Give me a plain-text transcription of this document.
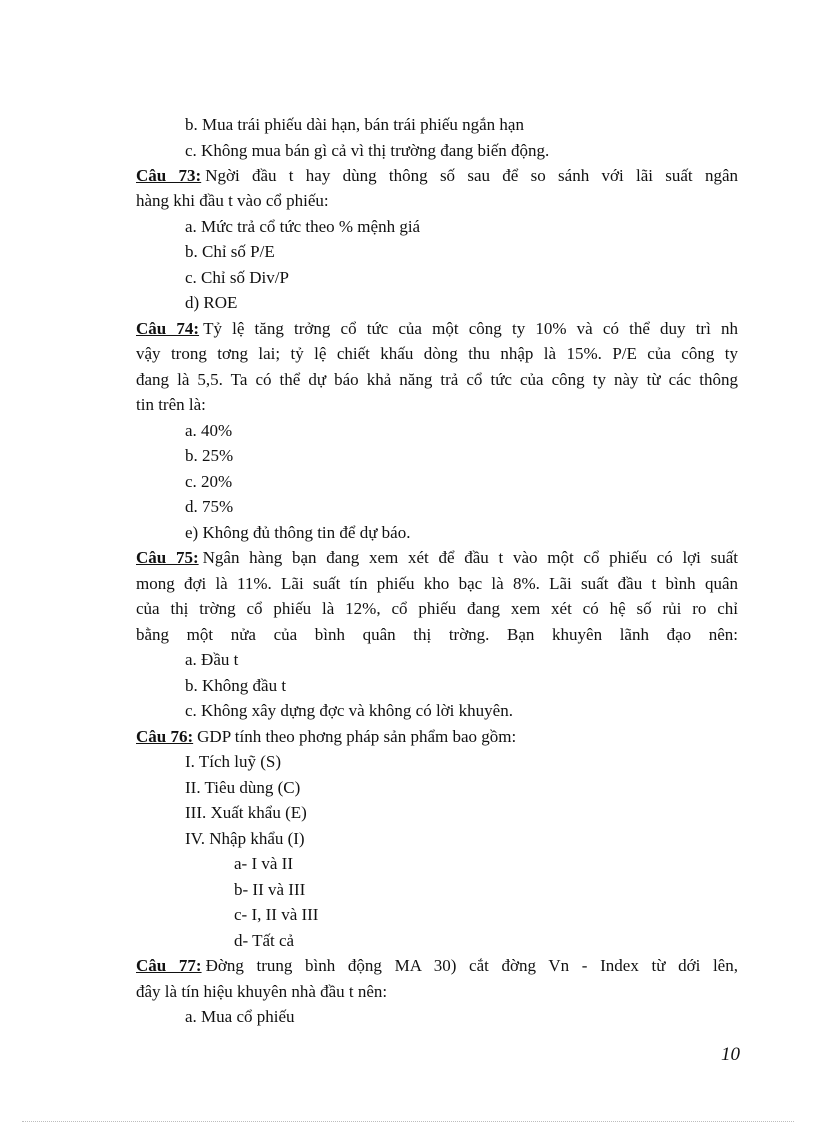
b. Mua trái phiếu dài hạn, bán trái phiếu ngắn hạn
c. Không mua bán gì cả vì thị trường đang biến động.
Câu 73: Ngời đầu t hay dùng thông số sau để so sánh với lãi suất ngân
hàng khi đầu t vào cổ phiếu:
a. Mức trả cổ tức theo % mệnh giá
b. Chỉ số P/E
c. Chỉ số Div/P
d) ROE
Câu 74: Tỷ lệ tăng trởng cổ tức của một công ty 10% và có thể duy trì nh
vậy trong tơng lai; tỷ lệ chiết khấu dòng thu nhập là 15%. P/E của công ty
đang là 5,5. Ta có thể dự báo khả năng trả cổ tức của công ty này từ các thông
tin trên là:
a. 40%
b. 25%
c. 20%
d. 75%
e) Không đủ thông tin để dự báo.
Câu 75: Ngân hàng bạn đang xem xét để đầu t vào một cổ phiếu có lợi suất
mong đợi là 11%. Lãi suất tín phiếu kho bạc là 8%. Lãi suất đầu t bình quân
của thị trờng cổ phiếu là 12%, cổ phiếu đang xem xét có hệ số rủi ro chỉ
bằng một nửa của bình quân thị trờng. Bạn khuyên lãnh đạo nên:
a. Đầu t
b. Không đầu t
c. Không xây dựng đợc và không có lời khuyên.
Câu 76: GDP tính theo phơng pháp sản phẩm bao gồm:
I. Tích luỹ (S)
II. Tiêu dùng (C)
III. Xuất khẩu (E)
IV. Nhập khẩu (I)
a- I và II
b- II và III
c- I, II và III
d- Tất cả
Câu 77: Đờng trung bình động MA 30) cắt đờng Vn - Index từ dới lên,
đây là tín hiệu khuyên nhà đầu t nên:
a. Mua cổ phiếu
10
